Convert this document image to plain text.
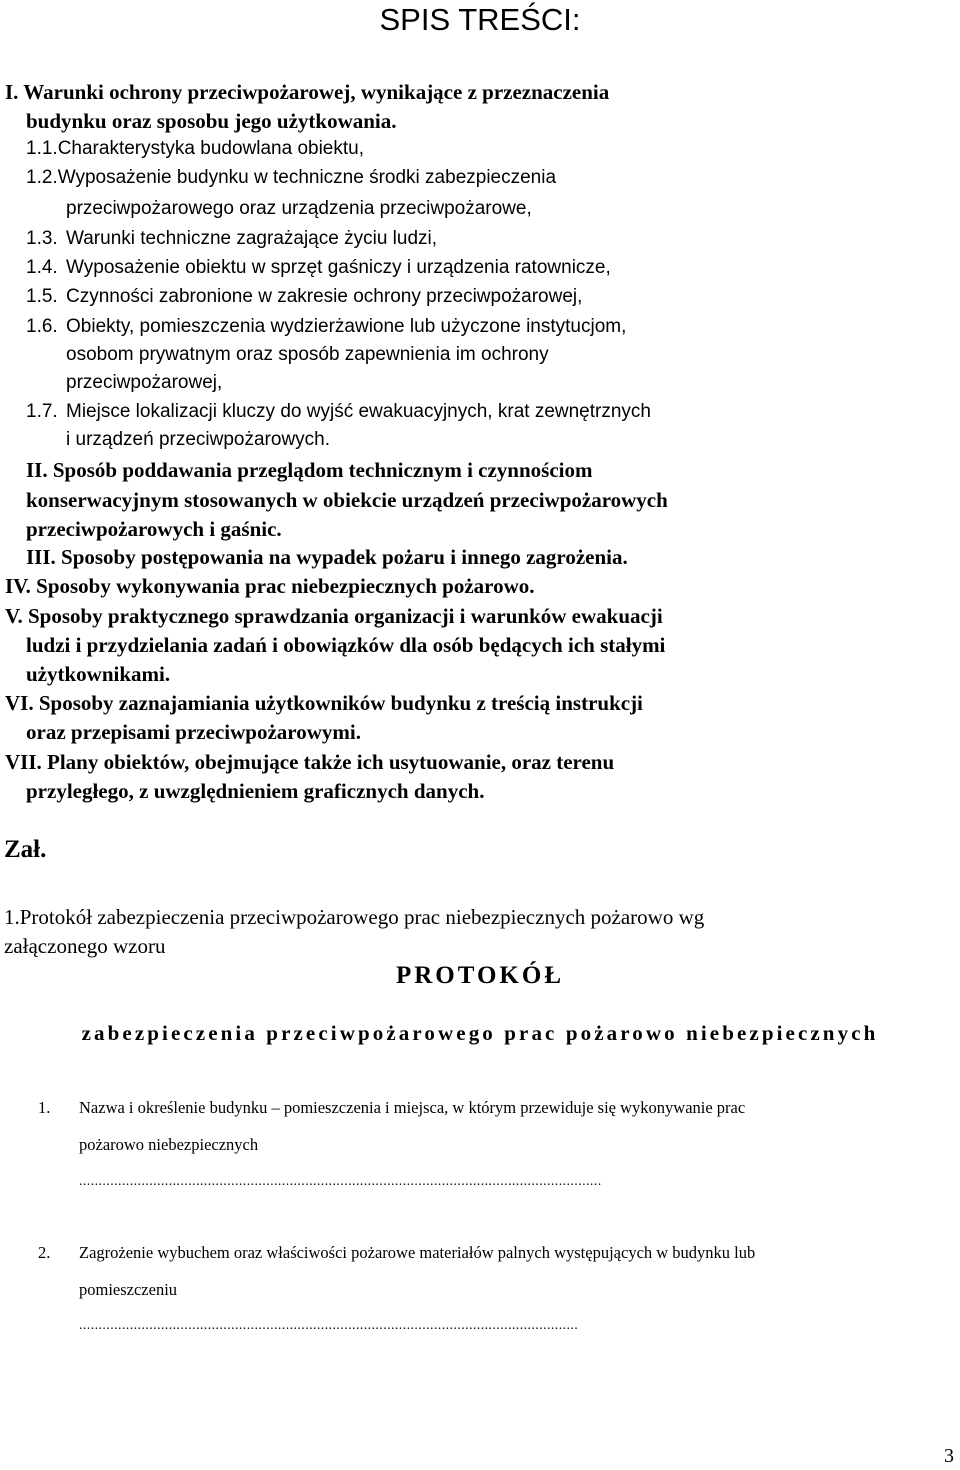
SPIS TREŚCI:
I. Warunki ochrony przeciwpożarowej, wynikające z przeznaczenia
budynku oraz sposobu jego użytkowania.
1.1.Charakterystyka budowlana obiektu,
1.2.Wyposażenie budynku w techniczne środki zabezpieczenia
przeciwpożarowego oraz urządzenia przeciwpożarowe,
1.3. Warunki techniczne zagrażające życiu ludzi,
1.4. Wyposażenie obiektu w sprzęt gaśniczy i urządzenia ratownicze,
1.5. Czynności zabronione w zakresie ochrony przeciwpożarowej,
1.6. Obiekty, pomieszczenia wydzierżawione lub użyczone instytucjom,
osobom prywatnym oraz sposób zapewnienia im ochrony
przeciwpożarowej,
1.7. Miejsce lokalizacji kluczy do wyjść ewakuacyjnych, krat zewnętrznych
i urządzeń przeciwpożarowych.
II. Sposób poddawania przeglądom technicznym i czynnościom
konserwacyjnym stosowanych w obiekcie urządzeń przeciwpożarowych
przeciwpożarowych i gaśnic.
III. Sposoby postępowania na wypadek pożaru i innego zagrożenia.
IV. Sposoby wykonywania prac niebezpiecznych pożarowo.
V. Sposoby praktycznego sprawdzania organizacji i warunków ewakuacji
ludzi i przydzielania zadań i obowiązków dla osób będących ich stałymi
użytkownikami.
VI. Sposoby zaznajamiania użytkowników budynku z treścią instrukcji
oraz przepisami przeciwpożarowymi.
VII. Plany obiektów, obejmujące także ich usytuowanie, oraz terenu
przyległego, z uwzględnieniem graficznych danych.
Zał.
1.Protokół zabezpieczenia przeciwpożarowego prac niebezpiecznych pożarowo wg
załączonego wzoru
PROTOKÓŁ
zabezpieczenia przeciwpożarowego prac pożarowo niebezpiecznych
1. Nazwa i określenie budynku – pomieszczenia i miejsca, w którym przewiduje się wykonywanie prac
pożarowo niebezpiecznych
......................................................................................................................................
2. Zagrożenie wybuchem oraz właściwości pożarowe materiałów palnych występujących w budynku lub
pomieszczeniu
................................................................................................................................
3
